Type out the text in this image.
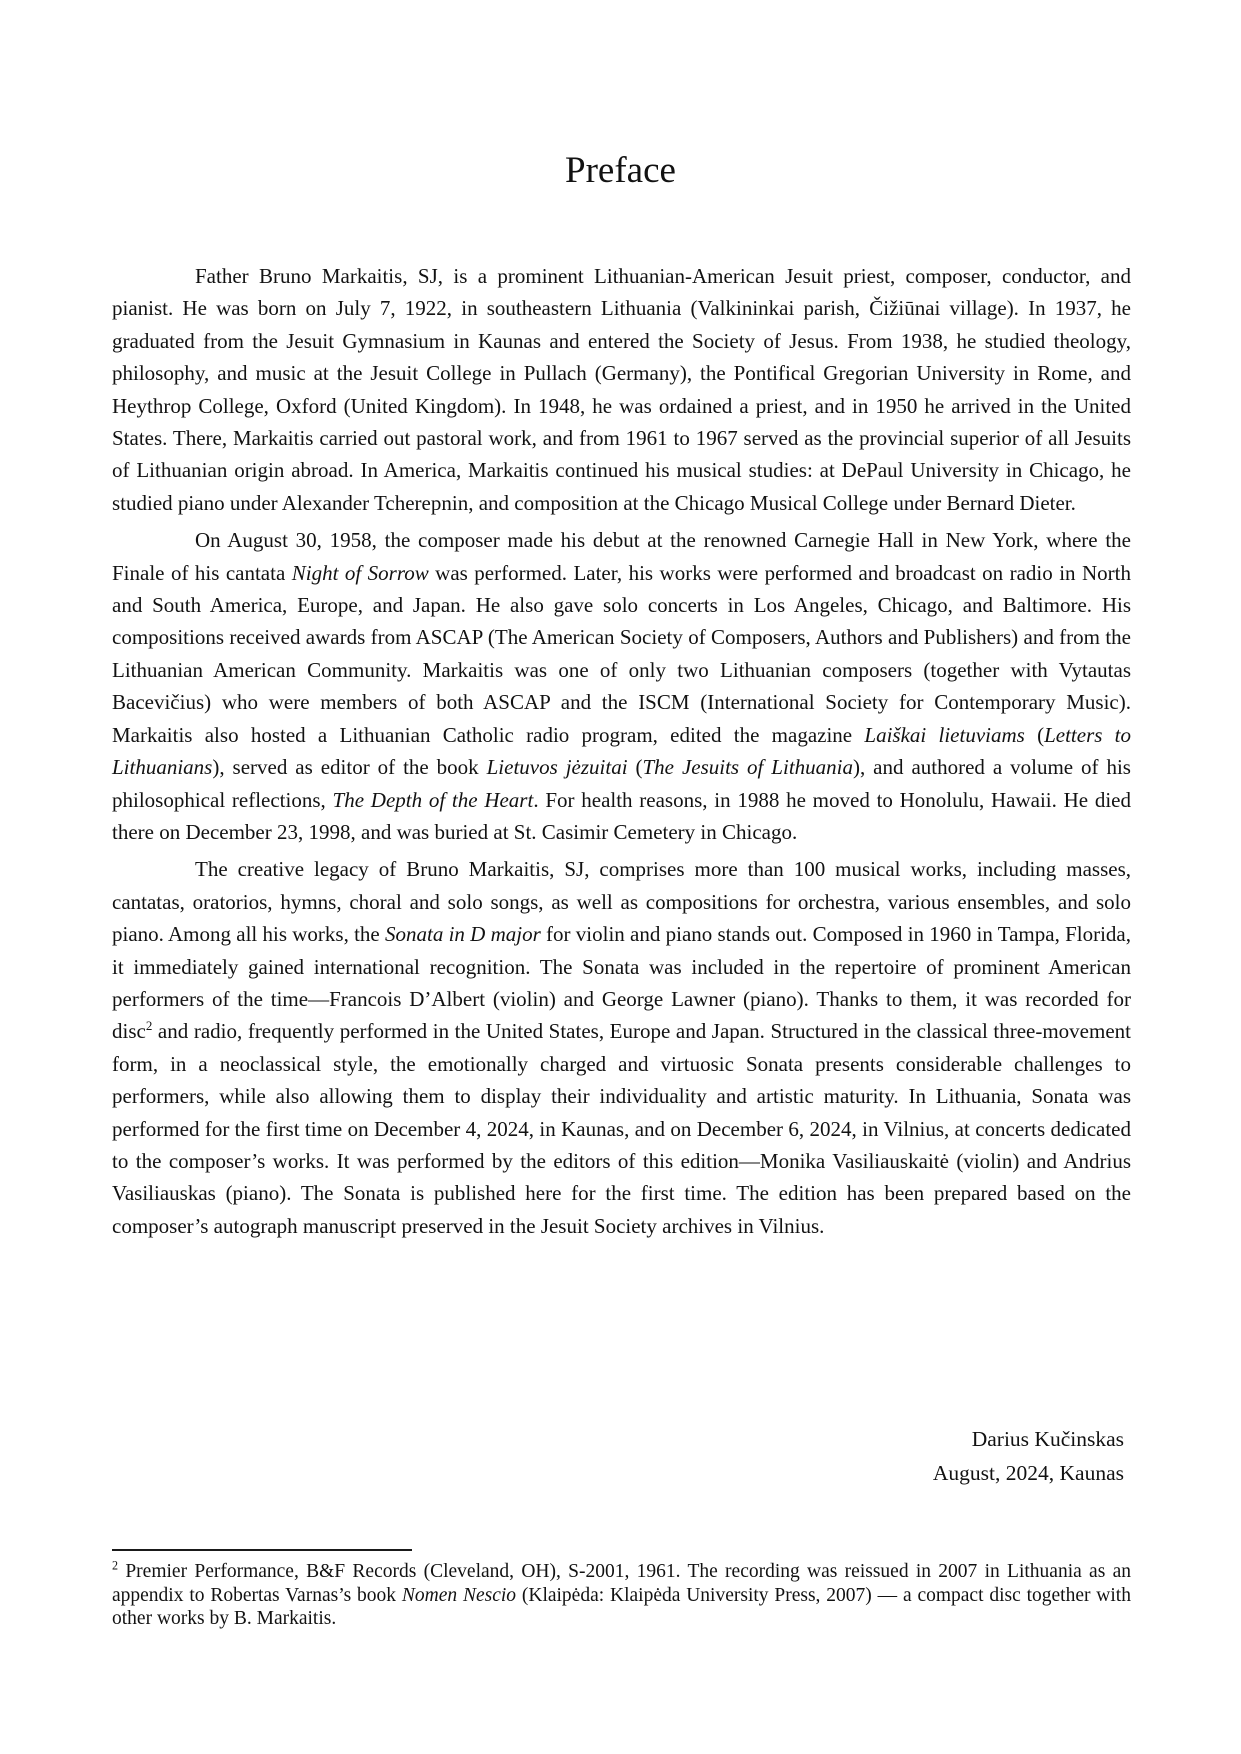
Preface

Father Bruno Markaitis, SJ, is a prominent Lithuanian-American Jesuit priest, composer, conductor, and pianist. He was born on July 7, 1922, in southeastern Lithuania (Valkininkai parish, Čižiūnai village). In 1937, he graduated from the Jesuit Gymnasium in Kaunas and entered the Society of Jesus. From 1938, he studied theology, philosophy, and music at the Jesuit College in Pullach (Germany), the Pontifical Gregorian University in Rome, and Heythrop College, Oxford (United Kingdom). In 1948, he was ordained a priest, and in 1950 he arrived in the United States. There, Markaitis carried out pastoral work, and from 1961 to 1967 served as the provincial superior of all Jesuits of Lithuanian origin abroad. In America, Markaitis continued his musical studies: at DePaul University in Chicago, he studied piano under Alexander Tcherepnin, and composition at the Chicago Musical College under Bernard Dieter.

On August 30, 1958, the composer made his debut at the renowned Carnegie Hall in New York, where the Finale of his cantata Night of Sorrow was performed. Later, his works were performed and broadcast on radio in North and South America, Europe, and Japan. He also gave solo concerts in Los Angeles, Chicago, and Baltimore. His compositions received awards from ASCAP (The American Society of Composers, Authors and Publishers) and from the Lithuanian American Community. Markaitis was one of only two Lithuanian composers (together with Vytautas Bacevičius) who were members of both ASCAP and the ISCM (International Society for Contemporary Music). Markaitis also hosted a Lithuanian Catholic radio program, edited the magazine Laiškai lietuviams (Letters to Lithuanians), served as editor of the book Lietuvos jėzuitai (The Jesuits of Lithuania), and authored a volume of his philosophical reflections, The Depth of the Heart. For health reasons, in 1988 he moved to Honolulu, Hawaii. He died there on December 23, 1998, and was buried at St. Casimir Cemetery in Chicago.

The creative legacy of Bruno Markaitis, SJ, comprises more than 100 musical works, including masses, cantatas, oratorios, hymns, choral and solo songs, as well as compositions for orchestra, various ensembles, and solo piano. Among all his works, the Sonata in D major for violin and piano stands out. Composed in 1960 in Tampa, Florida, it immediately gained international recognition. The Sonata was included in the repertoire of prominent American performers of the time—Francois D’Albert (violin) and George Lawner (piano). Thanks to them, it was recorded for disc$^2$ and radio, frequently performed in the United States, Europe and Japan. Structured in the classical three-movement form, in a neoclassical style, the emotionally charged and virtuosic Sonata presents considerable challenges to performers, while also allowing them to display their individuality and artistic maturity. In Lithuania, Sonata was performed for the first time on December 4, 2024, in Kaunas, and on December 6, 2024, in Vilnius, at concerts dedicated to the composer’s works. It was performed by the editors of this edition—Monika Vasiliauskaitė (violin) and Andrius Vasiliauskas (piano). The Sonata is published here for the first time. The edition has been prepared based on the composer’s autograph manuscript preserved in the Jesuit Society archives in Vilnius.

Darius Kučinskas
August, 2024, Kaunas

$^2$ Premier Performance, B&F Records (Cleveland, OH), S-2001, 1961. The recording was reissued in 2007 in Lithuania as an appendix to Robertas Varnas’s book Nomen Nescio (Klaipėda: Klaipėda University Press, 2007) — a compact disc together with other works by B. Markaitis.
